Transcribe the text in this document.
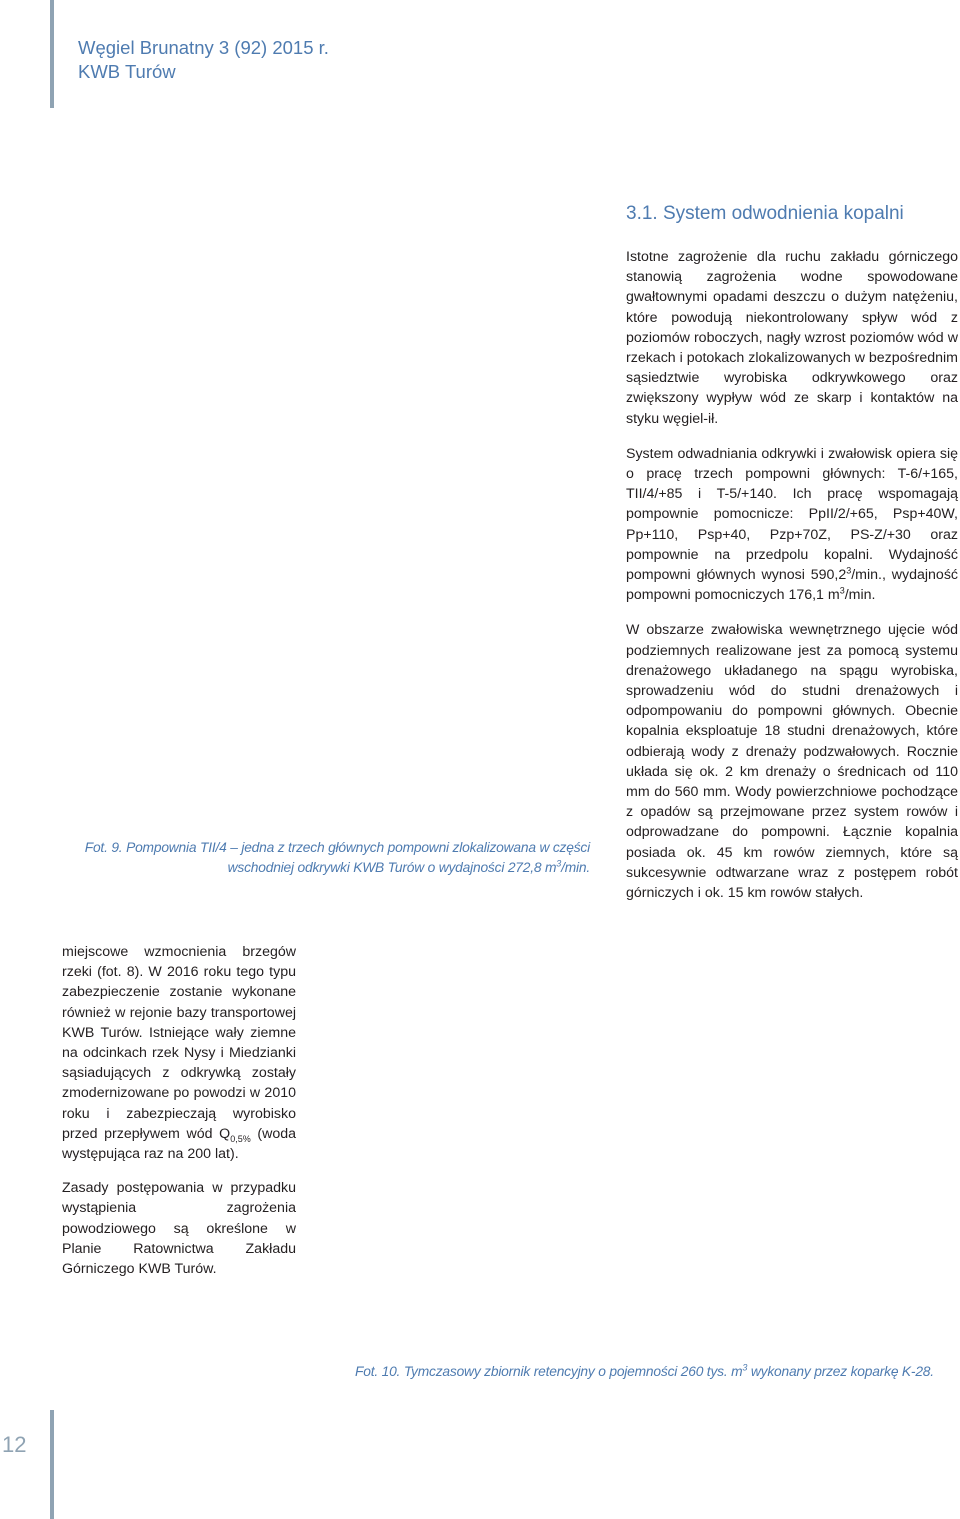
Węgiel Brunatny 3 (92) 2015 r.
KWB Turów
3.1. System odwodnienia kopalni

Istotne zagrożenie dla ruchu zakładu górniczego stanowią zagrożenia wodne spowodowane gwałtownymi opadami deszczu o dużym natężeniu, które powodują niekontrolowany spływ wód z poziomów roboczych, nagły wzrost poziomów wód w rzekach i potokach zlokalizowanych w bezpośrednim sąsiedztwie wyrobiska odkrywkowego oraz zwiększony wypływ wód ze skarp i kontaktów na styku węgiel-ił.

System odwadniania odkrywki i zwałowisk opiera się o pracę trzech pompowni głównych: T-6/+165, TII/4/+85 i T-5/+140. Ich pracę wspomagają pompownie pomocnicze: PpII/2/+65, Psp+40W, Pp+110, Psp+40, Pzp+70Z, PS-Z/+30 oraz pompownie na przedpolu kopalni. Wydajność pompowni głównych wynosi 590,2$^3$/min., wydajność pompowni pomocniczych 176,1 $m^3/\min$.

W obszarze zwałowiska wewnętrznego ujęcie wód podziemnych realizowane jest za pomocą systemu drenażowego układanego na spągu wyrobiska, sprowadzeniu wód do studni drenażowych i odpompowaniu do pompowni głównych. Obecnie kopalnia eksploatuje 18 studni drenażowych, które odbierają wody z drenaży podzwałowych. Rocznie układa się ok. 2 km drenaży o średnicach od 110 mm do 560 mm. Wody powierzchniowe pochodzące z opadów są przejmowane przez system rowów i odprowadzane do pompowni. Łącznie kopalnia posiada ok. 45 km rowów ziemnych, które są sukcesywnie odtwarzane wraz z postępem robót górniczych i ok. 15 km rowów stałych.

Fot. 9. Pompownia TII/4 – jedna z trzech głównych pompowni zlokalizowana w części
wschodniej odkrywki KWB Turów o wydajności 272,8 $m^3/\min$.

miejscowe wzmocnienia brzegów rzeki (fot. 8). W 2016 roku tego typu zabezpieczenie zostanie wykonane również w rejonie bazy transportowej KWB Turów. Istniejące wały ziemne na odcinkach rzek Nysy i Miedzianki sąsiadujących z odkrywką zostały zmodernizowane po powodzi w 2010 roku i zabezpieczają wyrobisko przed przepływem wód $Q_{0,5\%}$ (woda występująca raz na 200 lat).

Zasady postępowania w przypadku wystąpienia zagrożenia powodziowego są określone w Planie Ratownictwa Zakładu Górniczego KWB Turów.

Fot. 10. Tymczasowy zbiornik retencyjny o pojemności 260 tys. $m^3$ wykonany przez koparkę K-28.
12
